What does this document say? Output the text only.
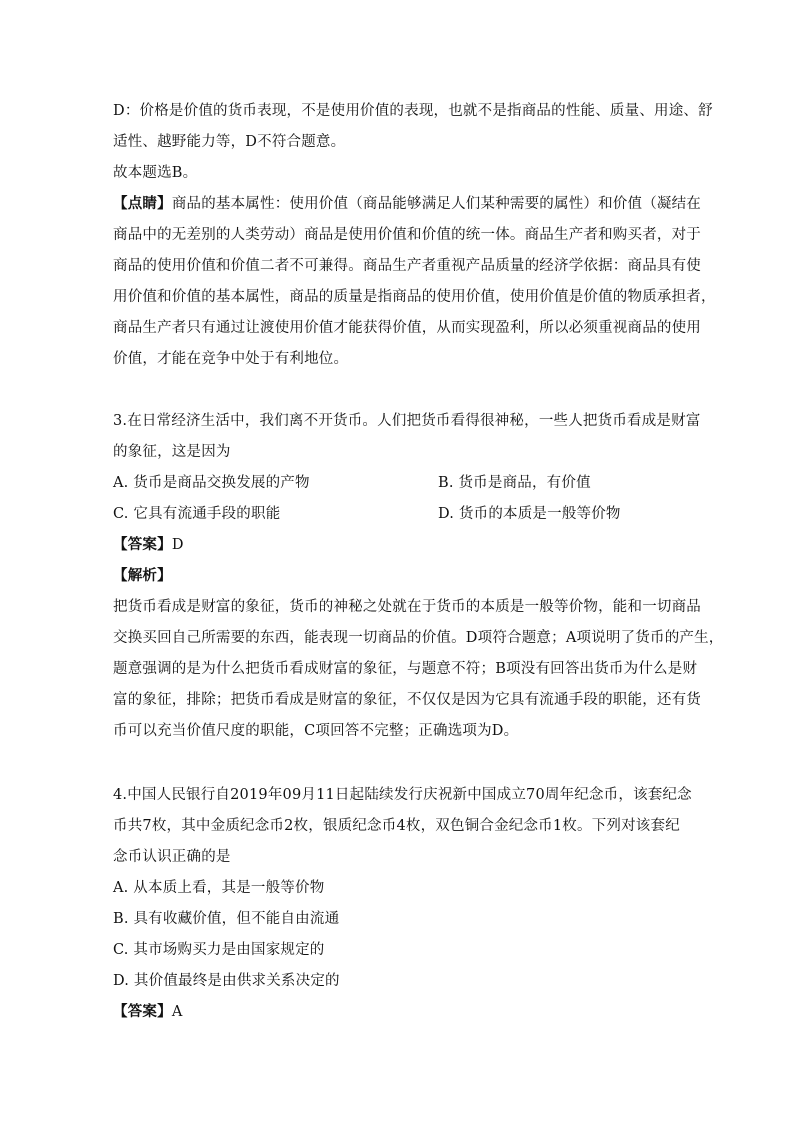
D：价格是价值的货币表现，不是使用价值的表现，也就不是指商品的性能、质量、用途、舒
适性、越野能力等，D不符合题意。
故本题选B。
【点睛】商品的基本属性：使用价值（商品能够满足人们某种需要的属性）和价值（凝结在
商品中的无差别的人类劳动）商品是使用价值和价值的统一体。商品生产者和购买者，对于
商品的使用价值和价值二者不可兼得。商品生产者重视产品质量的经济学依据：商品具有使
用价值和价值的基本属性，商品的质量是指商品的使用价值，使用价值是价值的物质承担者，
商品生产者只有通过让渡使用价值才能获得价值，从而实现盈利，所以必须重视商品的使用
价值，才能在竞争中处于有利地位。
3.在日常经济生活中，我们离不开货币。人们把货币看得很神秘，一些人把货币看成是财富
的象征，这是因为
A. 货币是商品交换发展的产物	B. 货币是商品，有价值
C. 它具有流通手段的职能	D. 货币的本质是一般等价物
【答案】D
【解析】
把货币看成是财富的象征，货币的神秘之处就在于货币的本质是一般等价物，能和一切商品
交换买回自己所需要的东西，能表现一切商品的价值。D项符合题意；A项说明了货币的产生，
题意强调的是为什么把货币看成财富的象征，与题意不符；B项没有回答出货币为什么是财
富的象征，排除；把货币看成是财富的象征，不仅仅是因为它具有流通手段的职能，还有货
币可以充当价值尺度的职能，C项回答不完整；正确选项为D。
4.中国人民银行自2019年09月11日起陆续发行庆祝新中国成立70周年纪念币，该套纪念
币共7枚，其中金质纪念币2枚，银质纪念币4枚，双色铜合金纪念币1枚。下列对该套纪
念币认识正确的是
A. 从本质上看，其是一般等价物
B. 具有收藏价值，但不能自由流通
C. 其市场购买力是由国家规定的
D. 其价值最终是由供求关系决定的
【答案】A
